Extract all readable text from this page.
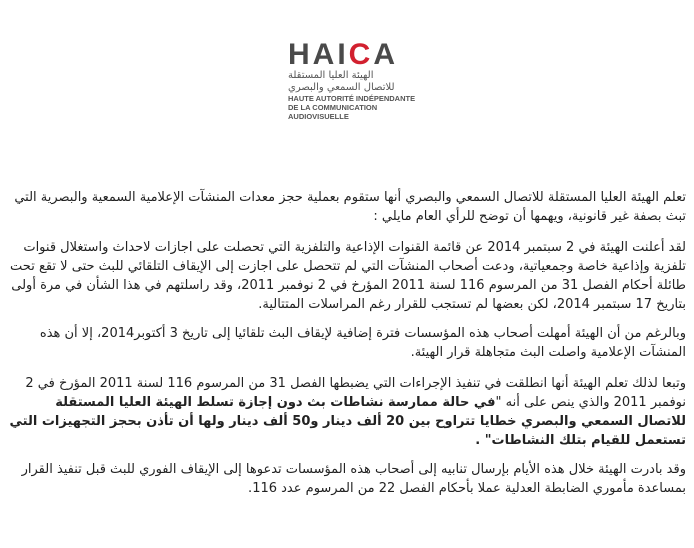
HAICA
الهيئة العليا المستقلة
للاتصال السمعي والبصري
HAUTE AUTORITÉ INDÉPENDANTE
DE LA COMMUNICATION AUDIOVISUELLE

تعلم الهيئة العليا المستقلة للاتصال السمعي والبصري أنها ستقوم بعملية حجز معدات المنشآت الإعلامية السمعية والبصرية التي تبث بصفة غير قانونية، ويهمها أن توضح للرأي العام مايلي :

لقد أعلنت الهيئة في 2 سبتمبر 2014 عن قائمة القنوات الإذاعية والتلفزية التي تحصلت على اجازات لاحداث واستغلال قنوات تلفزية وإذاعية خاصة وجمعياتية، ودعت أصحاب المنشآت التي لم تتحصل على اجازت إلى الإيقاف التلقائي للبث حتى لا تقع تحت طائلة أحكام الفصل 31 من المرسوم 116 لسنة 2011 المؤرخ في 2 نوفمبر 2011، وقد راسلتهم في هذا الشأن في مرة أولى بتاريخ 17 سبتمبر 2014، لكن بعضها لم تستجب للقرار رغم المراسلات المتتالية.

وبالرغم من أن الهيئة أمهلت أصحاب هذه المؤسسات فترة إضافية لإيقاف البث تلقائيا إلى تاريخ 3 أكتوبر2014، إلا أن هذه المنشآت الإعلامية واصلت البث متجاهلة قرار الهيئة.

وتبعا لذلك تعلم الهيئة أنها انطلقت في تنفيذ الإجراءات التي يضبطها الفصل 31 من المرسوم 116 لسنة 2011 المؤرخ في 2 نوفمبر 2011 والذي ينص على أنه "في حالة ممارسة نشاطات بث دون إجازة تسلط الهيئة العليا المستقلة للاتصال السمعي والبصري خطايا تتراوح بين 20 ألف دينار و50 ألف دينار ولها أن تأذن بحجز التجهيزات التي تستعمل للقيام بتلك النشاطات" .

وقد بادرت الهيئة خلال هذه الأيام بإرسال تنابيه إلى أصحاب هذه المؤسسات تدعوها إلى الإيقاف الفوري للبث قبل تنفيذ القرار بمساعدة مأموري الضابطة العدلية عملا بأحكام الفصل 22 من المرسوم عدد 116.
